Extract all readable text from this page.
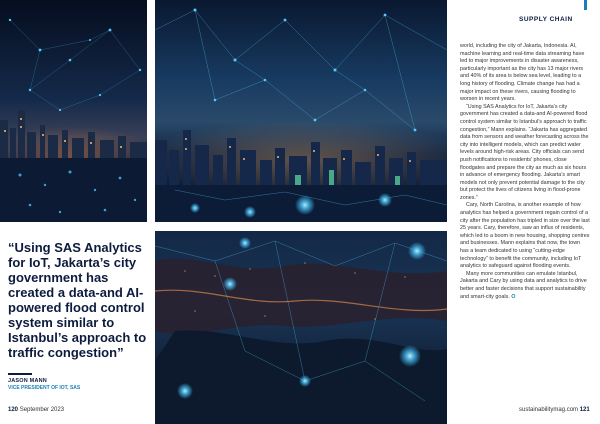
“Using SAS Analytics for IoT, Jakarta’s city government has created a data-and AI-powered flood control system similar to Istanbul’s approach to traffic congestion”
JASON MANN
VICE PRESIDENT OF IOT, SAS
120 September 2023	sustainabilitymag.com 121
SUPPLY CHAIN

world, including the city of Jakarta, Indonesia. AI, machine learning and real-time data streaming have led to major improvements in disaster awareness, particularly important as the city has 13 major rivers and 40% of its area is below sea level, leading to a long history of flooding. Climate change has had a major impact on these rivers, causing flooding to worsen in recent years.

“Using SAS Analytics for IoT, Jakarta’s city government has created a data-and AI-powered flood control system similar to Istanbul’s approach to traffic congestion,” Mann explains. “Jakarta has aggregated data from sensors and weather forecasting across the city into intelligent models, which can predict water levels around high-risk areas. City officials can send push notifications to residents’ phones, close floodgates and prepare the city as much as six hours in advance of emergency flooding. Jakarta’s smart models not only prevent potential damage to the city but protect the lives of citizens living in flood-prone zones.”

Cary, North Carolina, is another example of how analytics has helped a government regain control of a city after the population has tripled in size over the last 25 years. Cary, therefore, saw an influx of residents, which led to a boom in new housing, shopping centres and businesses. Mann explains that now, the town has a team dedicated to using “cutting-edge technology” to benefit the community, including IoT analytics to safeguard against flooding events.

Many more communities can emulate Istanbul, Jakarta and Cary by using data and analytics to drive better and faster decisions that support sustainability and smart-city goals. O
